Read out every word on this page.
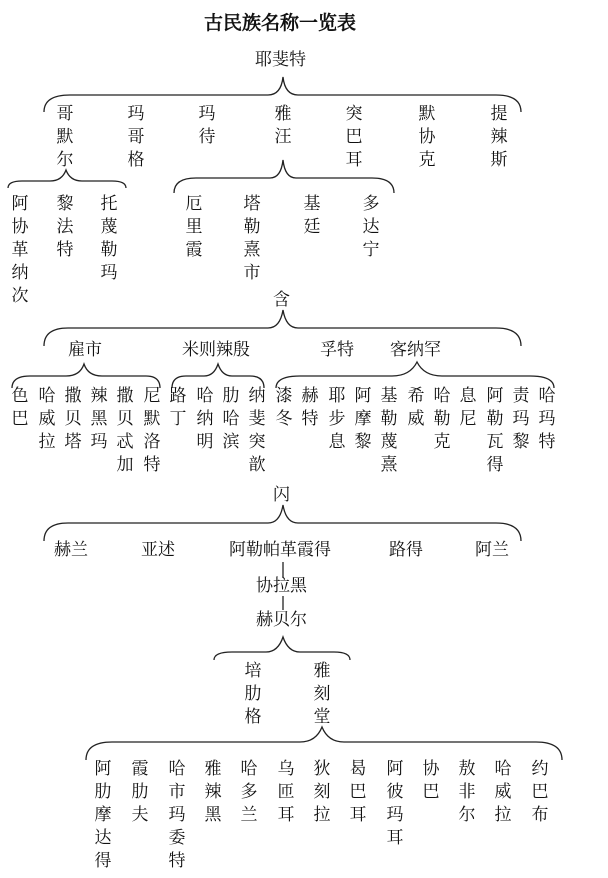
古民族名称一览表
耶斐特
哥默尔
玛哥格
玛待
雅汪
突巴耳
默协克
提辣斯
阿协革纳次
黎法特
托蔑勒玛
厄里霞
塔勒熹市
基廷
多达宁
含
雇市	米则辣殷	孚特 客纳罕
色巴
哈威拉
撒贝塔
辣黑玛
撒贝忒加
尼默洛特
路丁
哈纳明
肋哈滨
纳斐突歆
漆冬
赫特
耶步息
阿摩黎
基勒蔑熹
希威
哈勒克
息尼
阿勒瓦得
责玛黎
哈玛特
闪
赫兰	亚述	阿勒帕革霞得	路得	阿兰
协拉黑
赫贝尔
培肋格
雅刻堂
阿肋摩达得
霞肋夫
哈市玛委特
雅辣黑
哈多兰
乌匝耳
狄刻拉
曷巴耳
阿彼玛耳
协巴
敖非尔
哈威拉
约巴布
